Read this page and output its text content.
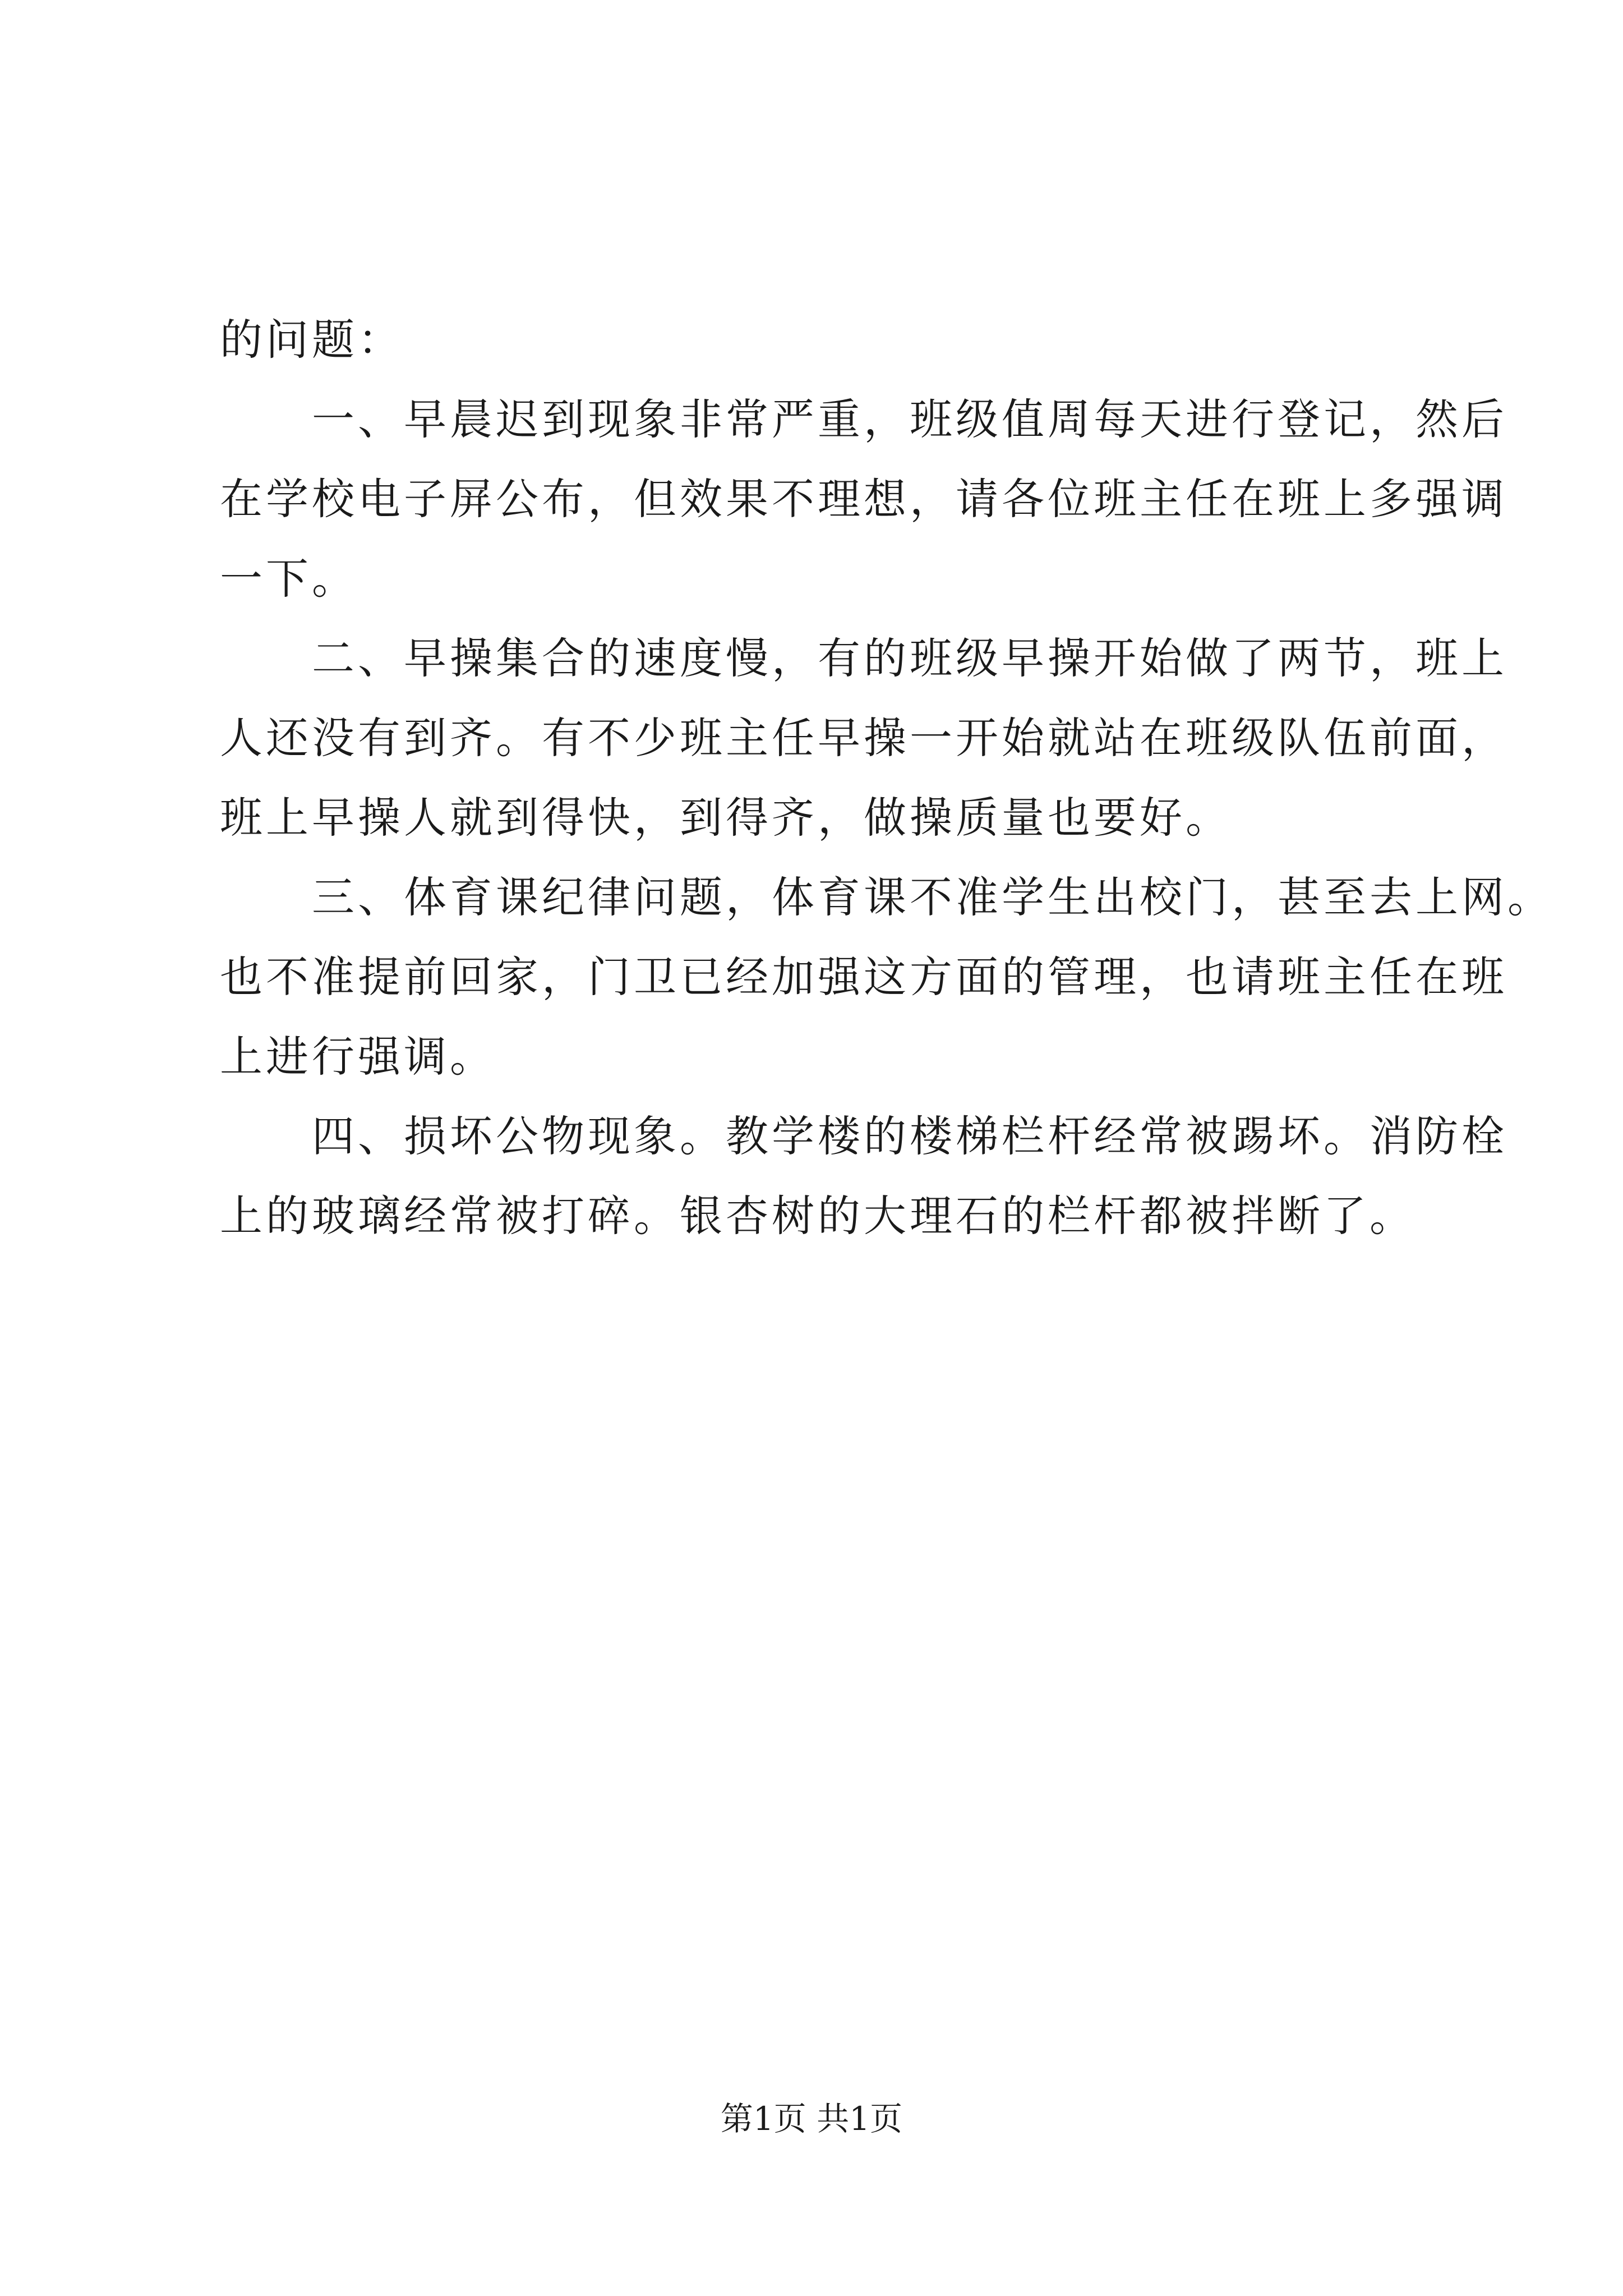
的问题：
　　一、早晨迟到现象非常严重，班级值周每天进行登记，然后
在学校电子屏公布，但效果不理想，请各位班主任在班上多强调
一下。
　　二、早操集合的速度慢，有的班级早操开始做了两节，班上
人还没有到齐。有不少班主任早操一开始就站在班级队伍前面，
班上早操人就到得快，到得齐，做操质量也要好。
　　三、体育课纪律问题，体育课不准学生出校门，甚至去上网。
也不准提前回家，门卫已经加强这方面的管理，也请班主任在班
上进行强调。
　　四、损坏公物现象。教学楼的楼梯栏杆经常被踢坏。消防栓
上的玻璃经常被打碎。银杏树的大理石的栏杆都被拌断了。
第1页 共1页
